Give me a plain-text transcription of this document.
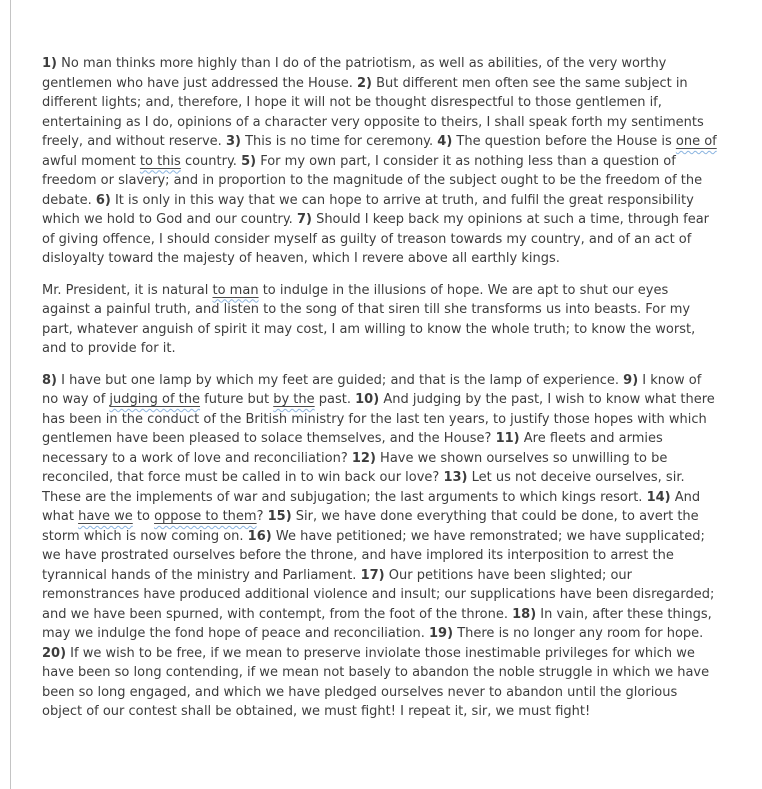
1) No man thinks more highly than I do of the patriotism, as well as abilities, of the very worthy gentlemen who have just addressed the House. 2) But different men often see the same subject in different lights; and, therefore, I hope it will not be thought disrespectful to those gentlemen if, entertaining as I do, opinions of a character very opposite to theirs, I shall speak forth my sentiments freely, and without reserve. 3) This is no time for ceremony. 4) The question before the House is one of awful moment to this country. 5) For my own part, I consider it as nothing less than a question of freedom or slavery; and in proportion to the magnitude of the subject ought to be the freedom of the debate. 6) It is only in this way that we can hope to arrive at truth, and fulfil the great responsibility which we hold to God and our country. 7) Should I keep back my opinions at such a time, through fear of giving offence, I should consider myself as guilty of treason towards my country, and of an act of disloyalty toward the majesty of heaven, which I revere above all earthly kings.

Mr. President, it is natural to man to indulge in the illusions of hope. We are apt to shut our eyes against a painful truth, and listen to the song of that siren till she transforms us into beasts. For my part, whatever anguish of spirit it may cost, I am willing to know the whole truth; to know the worst, and to provide for it.

8) I have but one lamp by which my feet are guided; and that is the lamp of experience. 9) I know of no way of judging of the future but by the past. 10) And judging by the past, I wish to know what there has been in the conduct of the British ministry for the last ten years, to justify those hopes with which gentlemen have been pleased to solace themselves, and the House? 11) Are fleets and armies necessary to a work of love and reconciliation? 12) Have we shown ourselves so unwilling to be reconciled, that force must be called in to win back our love? 13) Let us not deceive ourselves, sir. These are the implements of war and subjugation; the last arguments to which kings resort. 14) And what have we to oppose to them? 15) Sir, we have done everything that could be done, to avert the storm which is now coming on. 16) We have petitioned; we have remonstrated; we have supplicated; we have prostrated ourselves before the throne, and have implored its interposition to arrest the tyrannical hands of the ministry and Parliament. 17) Our petitions have been slighted; our remonstrances have produced additional violence and insult; our supplications have been disregarded; and we have been spurned, with contempt, from the foot of the throne. 18) In vain, after these things, may we indulge the fond hope of peace and reconciliation. 19) There is no longer any room for hope. 20) If we wish to be free, if we mean to preserve inviolate those inestimable privileges for which we have been so long contending, if we mean not basely to abandon the noble struggle in which we have been so long engaged, and which we have pledged ourselves never to abandon until the glorious object of our contest shall be obtained, we must fight! I repeat it, sir, we must fight!
